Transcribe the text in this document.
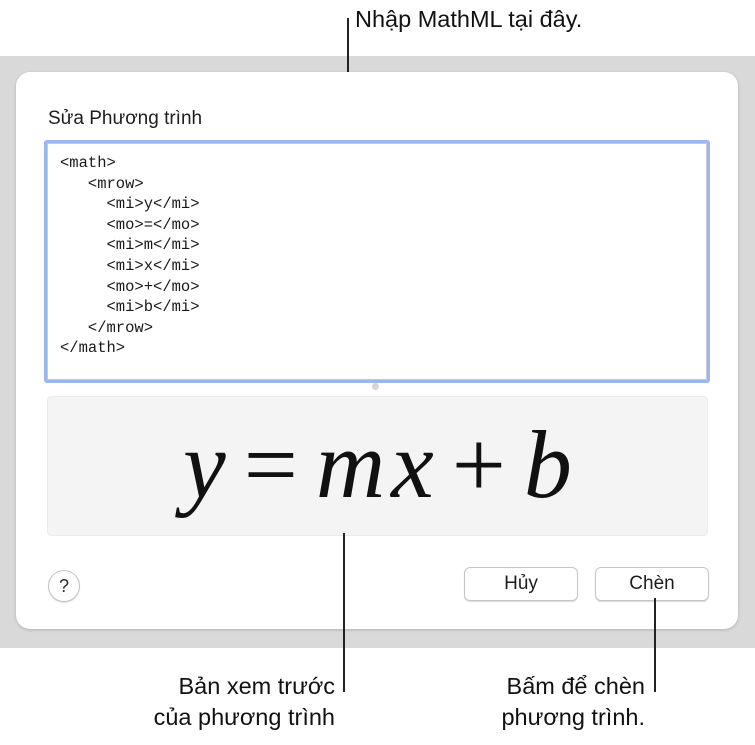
Nhập MathML tại đây.
Sửa Phương trình
<math>
<mrow>
<mi>y</mi>
<mo>=</mo>
<mi>m</mi>
<mi>x</mi>
<mo>+</mo>
<mi>b</mi>
</mrow>
</math>
y = mx + b
?	Hủy	Chèn
Bản xem trước
của phương trình
Bấm để chèn
phương trình.
